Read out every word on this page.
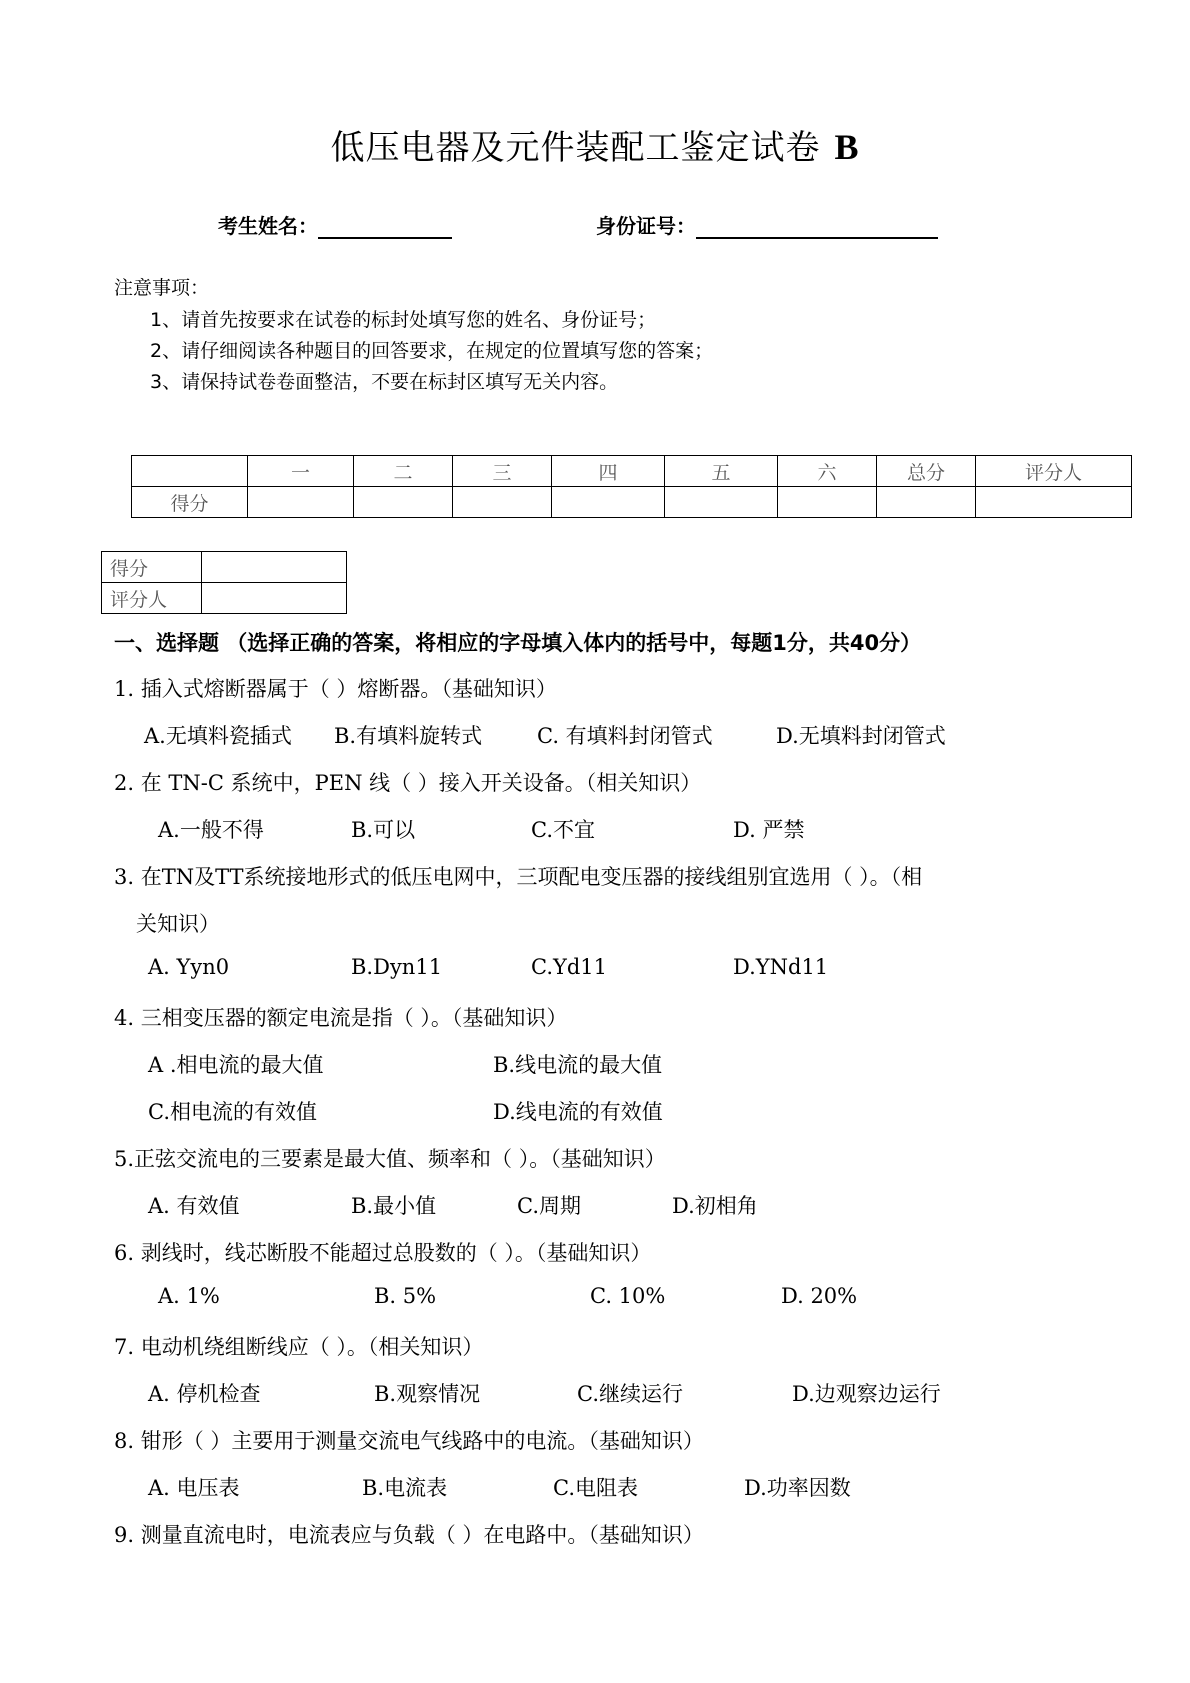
低压电器及元件装配工鉴定试卷 B
考生姓名：	身份证号：
注意事项：
1、请首先按要求在试卷的标封处填写您的姓名、身份证号；
2、请仔细阅读各种题目的回答要求，在规定的位置填写您的答案；
3、请保持试卷卷面整洁，不要在标封区填写无关内容。
	一	二	三	四	五	六	总分	评分人
得分								
得分	
评分人	
一、选择题 （选择正确的答案，将相应的字母填入体内的括号中，每题1分，共40分）
1. 插入式熔断器属于（ ）熔断器。（基础知识）
A.无填料瓷插式 B.有填料旋转式	C. 有填料封闭管式	D.无填料封闭管式
2. 在 TN-C 系统中，PEN 线（ ）接入开关设备。（相关知识）
A.一般不得	B.可以	C.不宜	D. 严禁
3. 在TN及TT系统接地形式的低压电网中，三项配电变压器的接线组别宜选用（ ）。（相
关知识）
A. Yyn0	B.Dyn11	C.Yd11	D.YNd11
4. 三相变压器的额定电流是指（ ）。（基础知识）
A .相电流的最大值	B.线电流的最大值
C.相电流的有效值	D.线电流的有效值
5.正弦交流电的三要素是最大值、频率和（ ）。（基础知识）
A. 有效值	B.最小值	C.周期	D.初相角
6. 剥线时，线芯断股不能超过总股数的（ ）。（基础知识）
A. 1%	B. 5%	C. 10%	D. 20%
7. 电动机绕组断线应（ ）。（相关知识）
A. 停机检查	B.观察情况	C.继续运行	D.边观察边运行
8. 钳形（ ）主要用于测量交流电气线路中的电流。（基础知识）
A. 电压表	B.电流表	C.电阻表	D.功率因数
9. 测量直流电时，电流表应与负载（ ）在电路中。（基础知识）
